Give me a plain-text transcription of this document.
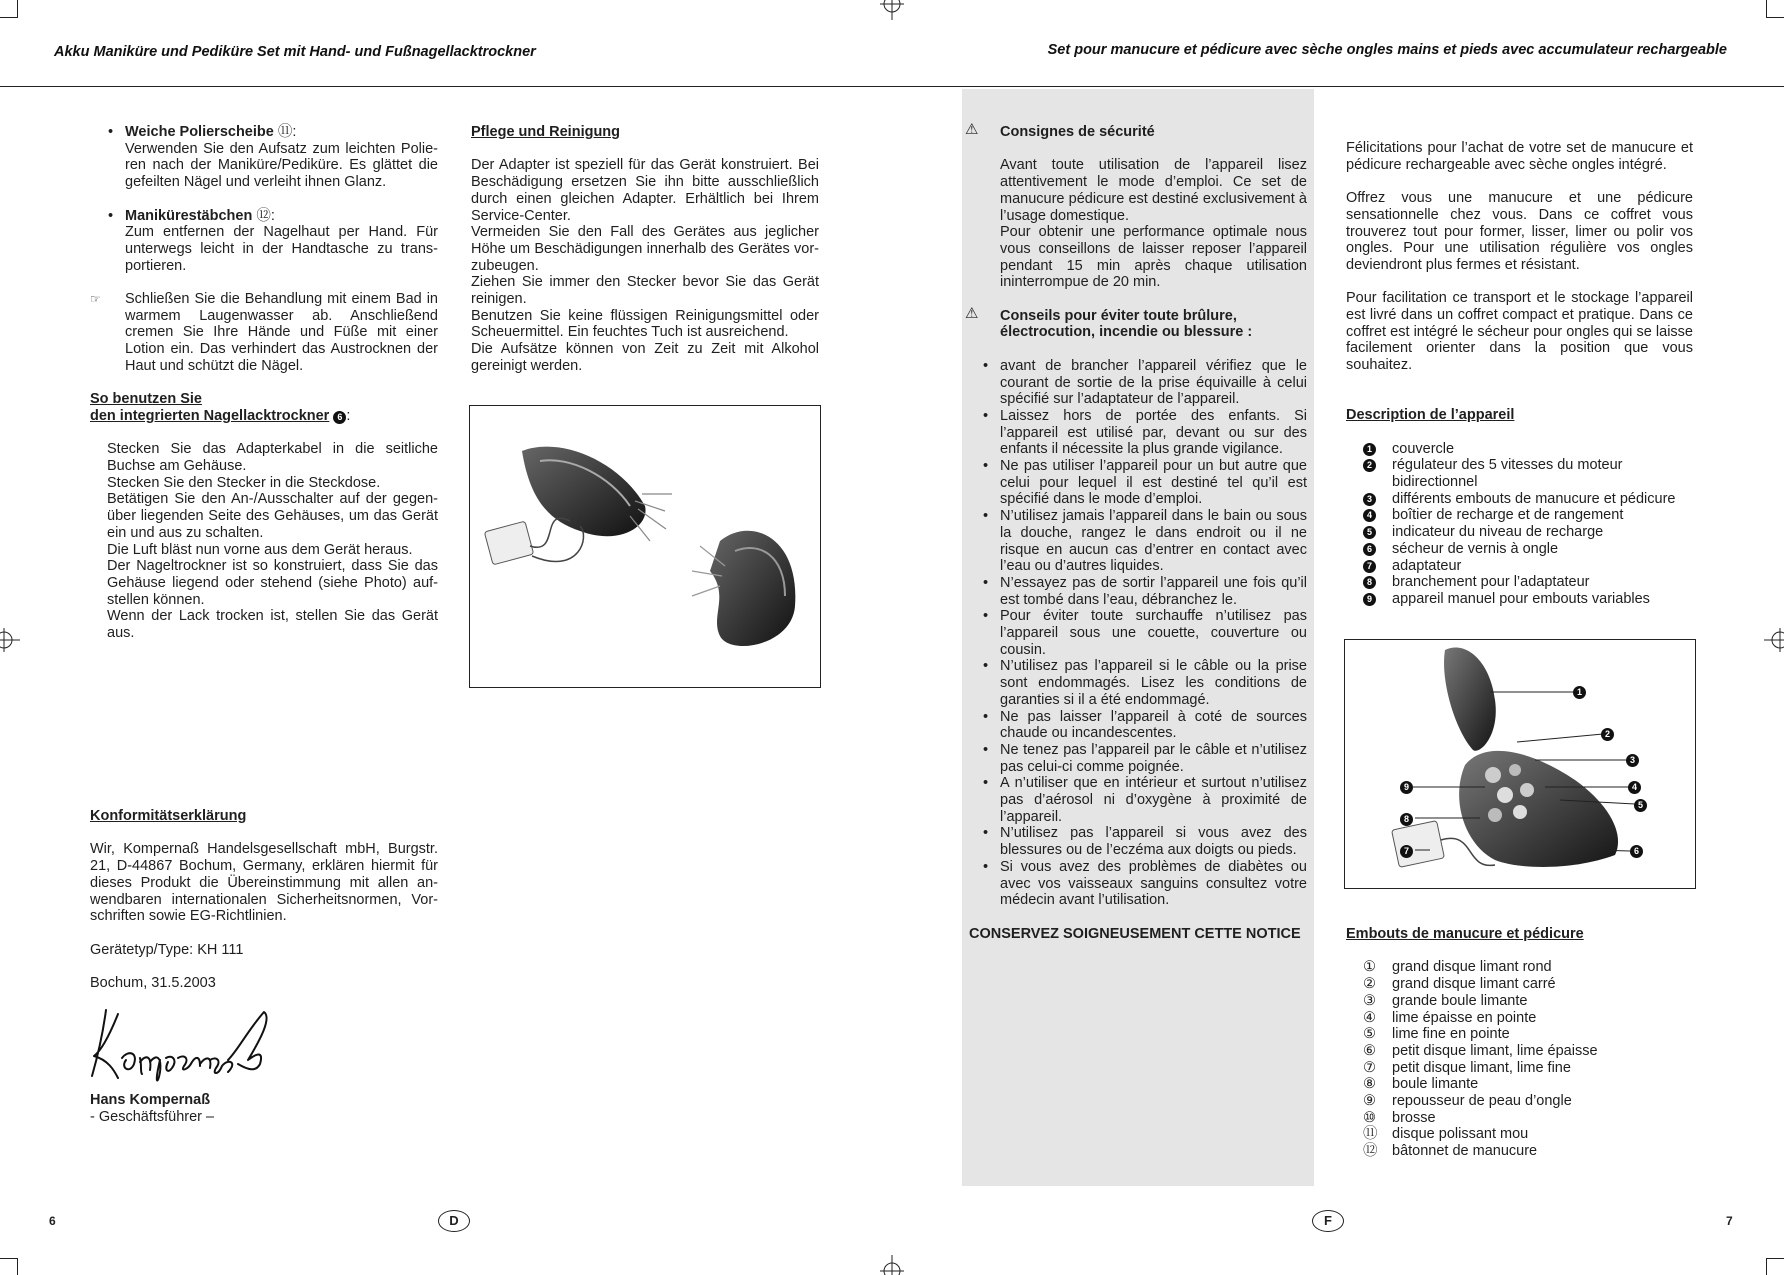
Akku Maniküre und Pediküre Set mit Hand- und Fußnagellacktrockner	Set pour manucure et pédicure avec sèche ongles mains et pieds avec accumulateur rechargeable
• Weiche Polierscheibe ⑪:

Verwenden Sie den Aufsatz zum leichten Polie-ren nach der Maniküre/Pediküre. Es glättet die gefeilten Nägel und verleiht ihnen Glanz.

• Manikürestäbchen ⑫:

Zum entfernen der Nagelhaut per Hand. Für unterwegs leicht in der Handtasche zu trans-portieren.

☞ Schließen Sie die Behandlung mit einem Bad in warmem Laugenwasser ab. Anschließend cremen Sie Ihre Hände und Füße mit einer Lotion ein. Das verhindert das Austrocknen der Haut und schützt die Nägel.

So benutzen Sie

den integrierten Nagellacktrockner 6 :

Stecken Sie das Adapterkabel in die seitliche Buchse am Gehäuse.

Stecken Sie den Stecker in die Steckdose.

Betätigen Sie den An-/Ausschalter auf der gegen-über liegenden Seite des Gehäuses, um das Gerät ein und aus zu schalten.

Die Luft bläst nun vorne aus dem Gerät heraus.

Der Nageltrockner ist so konstruiert, dass Sie das Gehäuse liegend oder stehend (siehe Photo) auf-stellen können.

Wenn der Lack trocken ist, stellen Sie das Gerät aus.

Konformitätserklärung

Wir, Kompernaß Handelsgesellschaft mbH, Burgstr. 21, D-44867 Bochum, Germany, erklären hiermit für dieses Produkt die Übereinstimmung mit allen an-wendbaren internationalen Sicherheitsnormen, Vor-schriften sowie EG-Richtlinien.

Gerätetyp/Type: KH 111

Bochum, 31.5.2003

Hans Kompernaß

- Geschäftsführer –

Pflege und Reinigung

Der Adapter ist speziell für das Gerät konstruiert. Bei Beschädigung ersetzen Sie ihn bitte ausschließlich durch einen gleichen Adapter. Erhältlich bei Ihrem Service-Center.

Vermeiden Sie den Fall des Gerätes aus jeglicher Höhe um Beschädigungen innerhalb des Gerätes vor-zubeugen.

Ziehen Sie immer den Stecker bevor Sie das Gerät reinigen.

Benutzen Sie keine flüssigen Reinigungsmittel oder Scheuermittel. Ein feuchtes Tuch ist ausreichend.

Die Aufsätze können von Zeit zu Zeit mit Alkohol gereinigt werden.

⚠ Consignes de sécurité

Avant toute utilisation de l’appareil lisez attentivement le mode d’emploi. Ce set de manucure pédicure est destiné exclusivement à l’usage domestique.

Pour obtenir une performance optimale nous vous conseillons de laisser reposer l’appareil pendant 15 min après chaque utilisation ininterrompue de 20 min.

⚠ Conseils pour éviter toute brûlure,

électrocution, incendie ou blessure :

• avant de brancher l’appareil vérifiez que le courant de sortie de la prise équivaille à celui spécifié sur l’adaptateur de l’appareil.
• Laissez hors de portée des enfants. Si l’appareil est utilisé par, devant ou sur des enfants il nécessite la plus grande vigilance.
• Ne pas utiliser l’appareil pour un but autre que celui pour lequel il est destiné tel qu’il est spécifié dans le mode d’emploi.
• N’utilisez jamais l’appareil dans le bain ou sous la douche, rangez le dans endroit ou il ne risque en aucun cas d’entrer en contact avec l’eau ou d’autres liquides.
• N’essayez pas de sortir l’appareil une fois qu’il est tombé dans l’eau, débranchez le.
• Pour éviter toute surchauffe n’utilisez pas l’appareil sous une couette, couverture ou cousin.
• N’utilisez pas l’appareil si le câble ou la prise sont endommagés. Lisez les conditions de garanties si il a été endommagé.
• Ne pas laisser l’appareil à coté de sources chaude ou incandescentes.
• Ne tenez pas l’appareil par le câble et n’utilisez pas celui-ci comme poignée.
• A n’utiliser que en intérieur et surtout n’utilisez pas d’aérosol ni d’oxygène à proximité de l’appareil.
• N’utilisez pas l’appareil si vous avez des blessures ou de l’eczéma aux doigts ou pieds.
• Si vous avez des problèmes de diabètes ou avec vos vaisseaux sanguins consultez votre médecin avant l’utilisation.

CONSERVEZ SOIGNEUSEMENT CETTE NOTICE

Félicitations pour l’achat de votre set de manucure et pédicure rechargeable avec sèche ongles intégré.

Offrez vous une manucure et une pédicure sensationnelle chez vous. Dans ce coffret vous trouverez tout pour former, lisser, limer ou polir vos ongles. Pour une utilisation régulière vos ongles deviendront plus fermes et résistant.

Pour facilitation ce transport et le stockage l’appareil est livré dans un coffret compact et pratique. Dans ce coffret est intégré le sécheur pour ongles qui se laisse facilement orienter dans la position que vous souhaitez.

Description de l’appareil

1 couvercle
2 régulateur des 5 vitesses du moteur bidirectionnel
3 différents embouts de manucure et pédicure
4 boîtier de recharge et de rangement
5 indicateur du niveau de recharge
6 sécheur de vernis à ongle
7 adaptateur
8 branchement pour l’adaptateur
9 appareil manuel pour embouts variables
1
2
3
4
5
6
7
8
9

Embouts de manucure et pédicure

①	grand disque limant rond
②	grand disque limant carré
③	grande boule limante
④	lime épaisse en pointe
⑤	lime fine en pointe
⑥	petit disque limant, lime épaisse
⑦	petit disque limant, lime fine
⑧	boule limante
⑨	repousseur de peau d’ongle
⑩	brosse
⑪	disque polissant mou
⑫	bâtonnet de manucure
6	D	F	7
